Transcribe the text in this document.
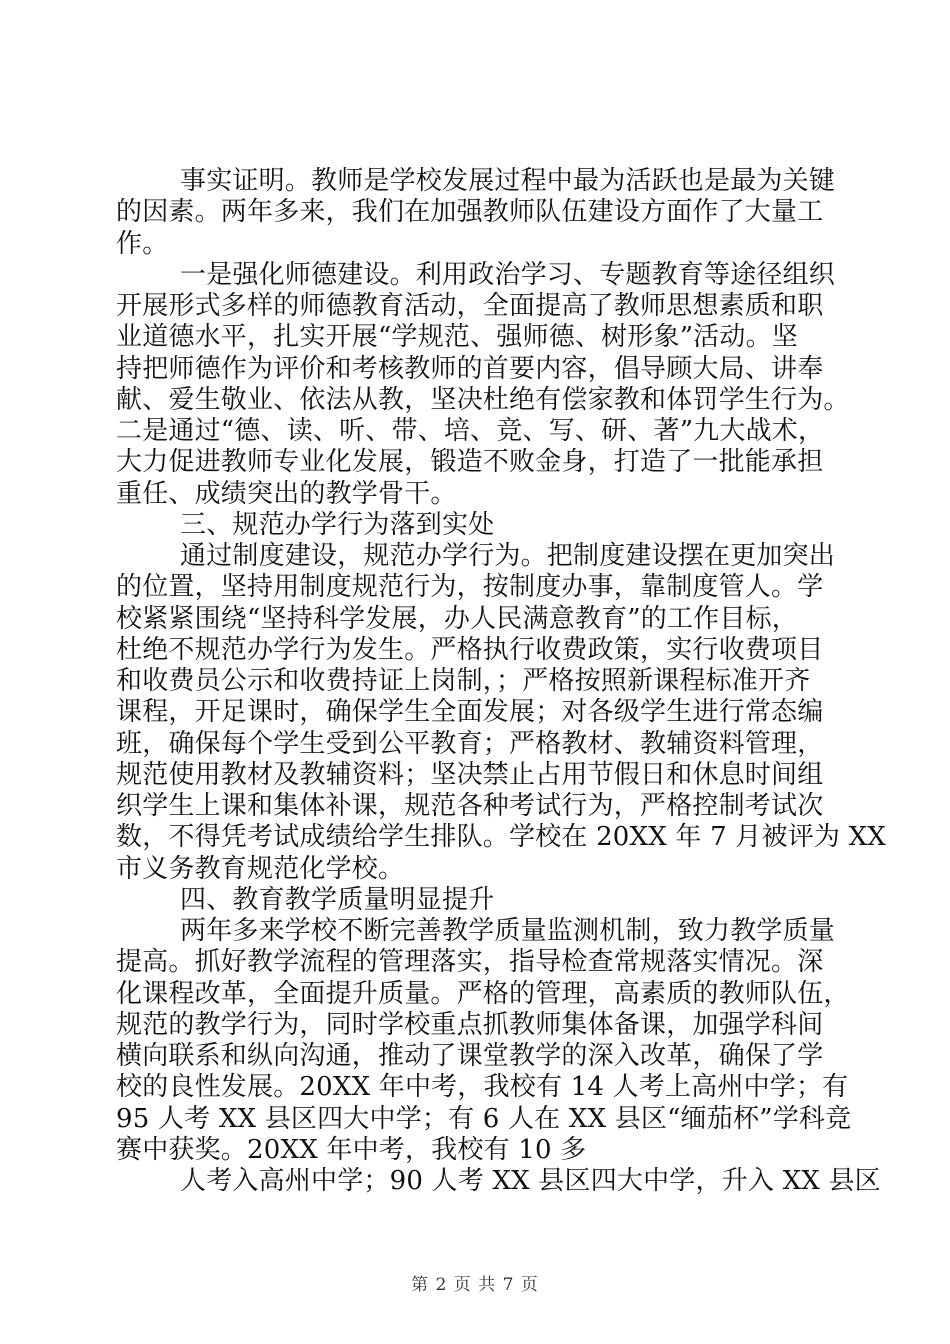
事实证明。教师是学校发展过程中最为活跃也是最为关键
的因素。两年多来，我们在加强教师队伍建设方面作了大量工
作。
一是强化师德建设。利用政治学习、专题教育等途径组织
开展形式多样的师德教育活动，全面提高了教师思想素质和职
业道德水平，扎实开展“学规范、强师德、树形象”活动。坚
持把师德作为评价和考核教师的首要内容，倡导顾大局、讲奉
献、爱生敬业、依法从教，坚决杜绝有偿家教和体罚学生行为。
二是通过“德、读、听、带、培、竞、写、研、著”九大战术，
大力促进教师专业化发展，锻造不败金身，打造了一批能承担
重任、成绩突出的教学骨干。
三、规范办学行为落到实处
通过制度建设，规范办学行为。把制度建设摆在更加突出
的位置，坚持用制度规范行为，按制度办事，靠制度管人。学
校紧紧围绕“坚持科学发展，办人民满意教育”的工作目标，
杜绝不规范办学行为发生。严格执行收费政策，实行收费项目
和收费员公示和收费持证上岗制，；严格按照新课程标准开齐
课程，开足课时，确保学生全面发展；对各级学生进行常态编
班，确保每个学生受到公平教育；严格教材、教辅资料管理，
规范使用教材及教辅资料；坚决禁止占用节假日和休息时间组
织学生上课和集体补课，规范各种考试行为，严格控制考试次
数，不得凭考试成绩给学生排队。学校在 20XX 年 7 月被评为 XX
市义务教育规范化学校。
四、教育教学质量明显提升
两年多来学校不断完善教学质量监测机制，致力教学质量
提高。抓好教学流程的管理落实，指导检查常规落实情况。深
化课程改革，全面提升质量。严格的管理，高素质的教师队伍，
规范的教学行为，同时学校重点抓教师集体备课，加强学科间
横向联系和纵向沟通，推动了课堂教学的深入改革，确保了学
校的良性发展。20XX 年中考，我校有 14 人考上高州中学；有
95 人考 XX 县区四大中学；有 6 人在 XX 县区“缅茄杯”学科竞
赛中获奖。20XX 年中考，我校有 10 多
人考入高州中学；90 人考 XX 县区四大中学，升入 XX 县区
第 2 页 共 7 页
